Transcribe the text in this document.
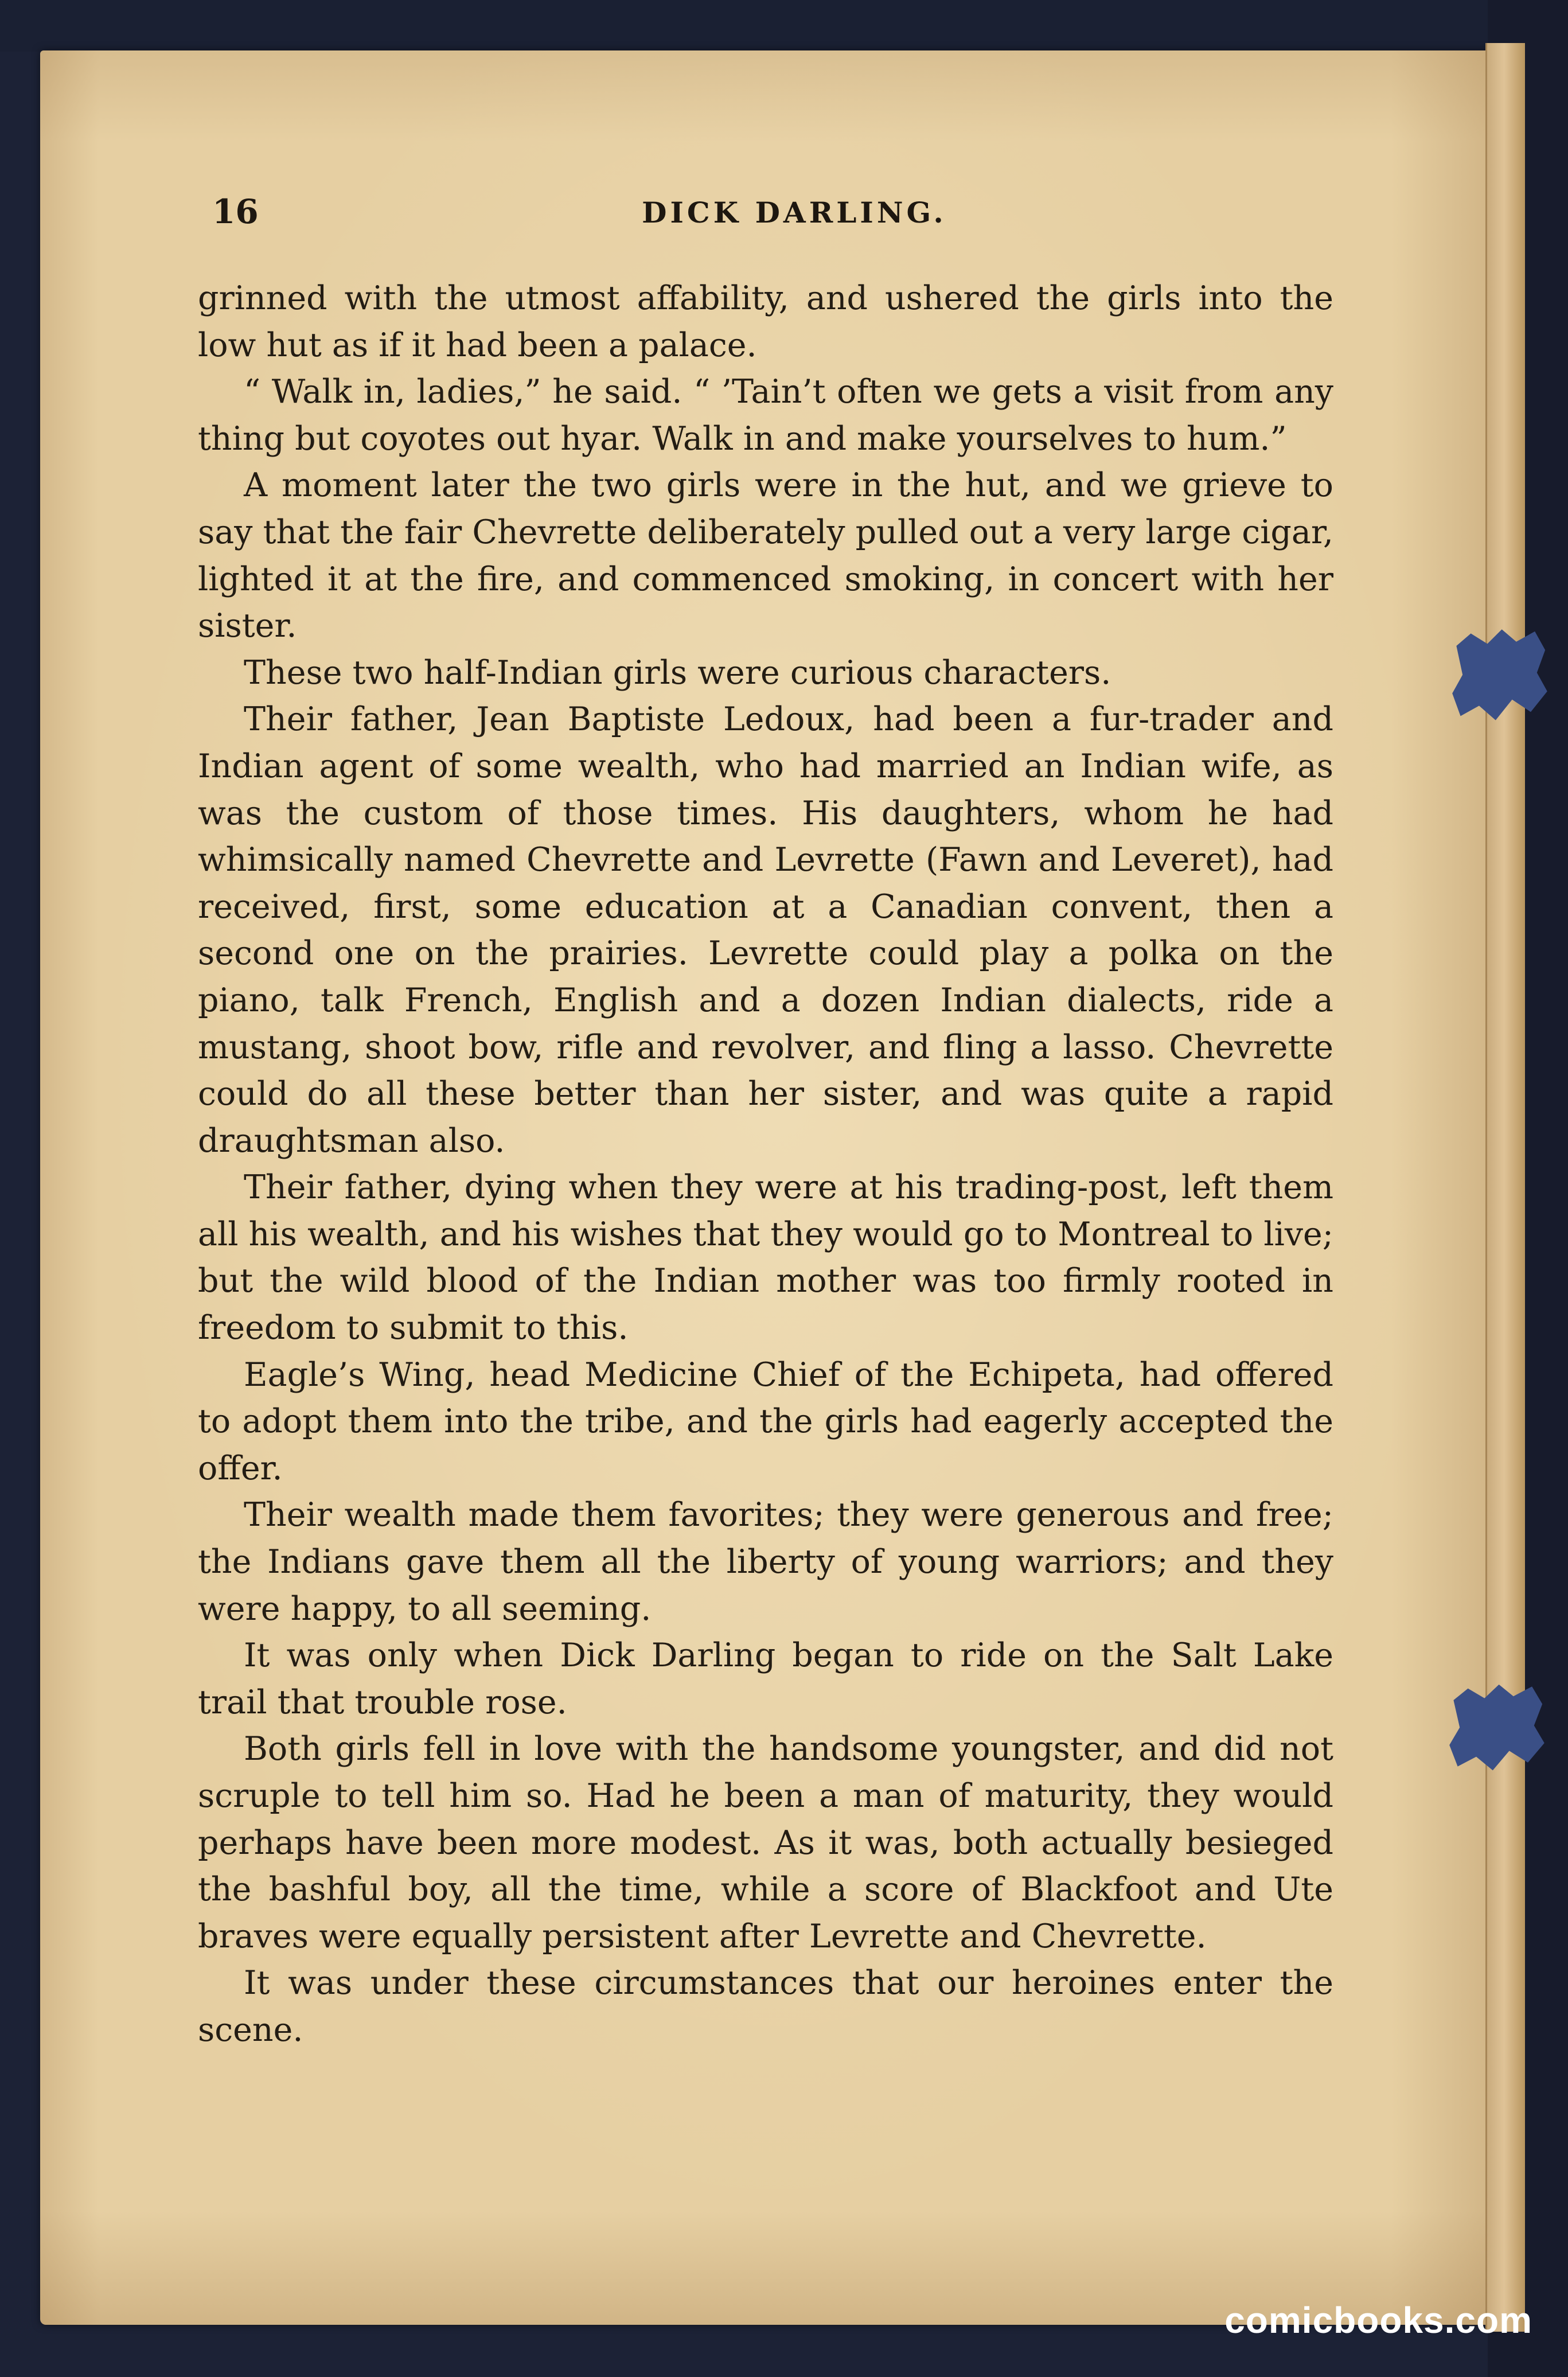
16	DICK DARLING.

grinned with the utmost affability, and ushered the girls into the low hut as if it had been a palace.

“ Walk in, ladies,” he said. “ ’Tain’t often we gets a visit from any thing but coyotes out hyar. Walk in and make yourselves to hum.”

A moment later the two girls were in the hut, and we grieve to say that the fair Chevrette deliberately pulled out a very large cigar, lighted it at the fire, and commenced smoking, in concert with her sister.

These two half-Indian girls were curious characters.

Their father, Jean Baptiste Ledoux, had been a fur-trader and Indian agent of some wealth, who had married an Indian wife, as was the custom of those times. His daughters, whom he had whimsically named Chevrette and Levrette (Fawn and Leveret), had received, first, some education at a Canadian convent, then a second one on the prairies. Levrette could play a polka on the piano, talk French, English and a dozen Indian dialects, ride a mustang, shoot bow, rifle and revolver, and fling a lasso. Chevrette could do all these better than her sister, and was quite a rapid draughtsman also.

Their father, dying when they were at his trading-post, left them all his wealth, and his wishes that they would go to Montreal to live; but the wild blood of the Indian mother was too firmly rooted in freedom to submit to this.

Eagle’s Wing, head Medicine Chief of the Echipeta, had offered to adopt them into the tribe, and the girls had eagerly accepted the offer.

Their wealth made them favorites; they were generous and free; the Indians gave them all the liberty of young warriors; and they were happy, to all seeming.

It was only when Dick Darling began to ride on the Salt Lake trail that trouble rose.

Both girls fell in love with the handsome youngster, and did not scruple to tell him so. Had he been a man of maturity, they would perhaps have been more modest. As it was, both actually besieged the bashful boy, all the time, while a score of Blackfoot and Ute braves were equally persistent after Levrette and Chevrette.

It was under these circumstances that our heroines enter the scene.

comicbooks.com
